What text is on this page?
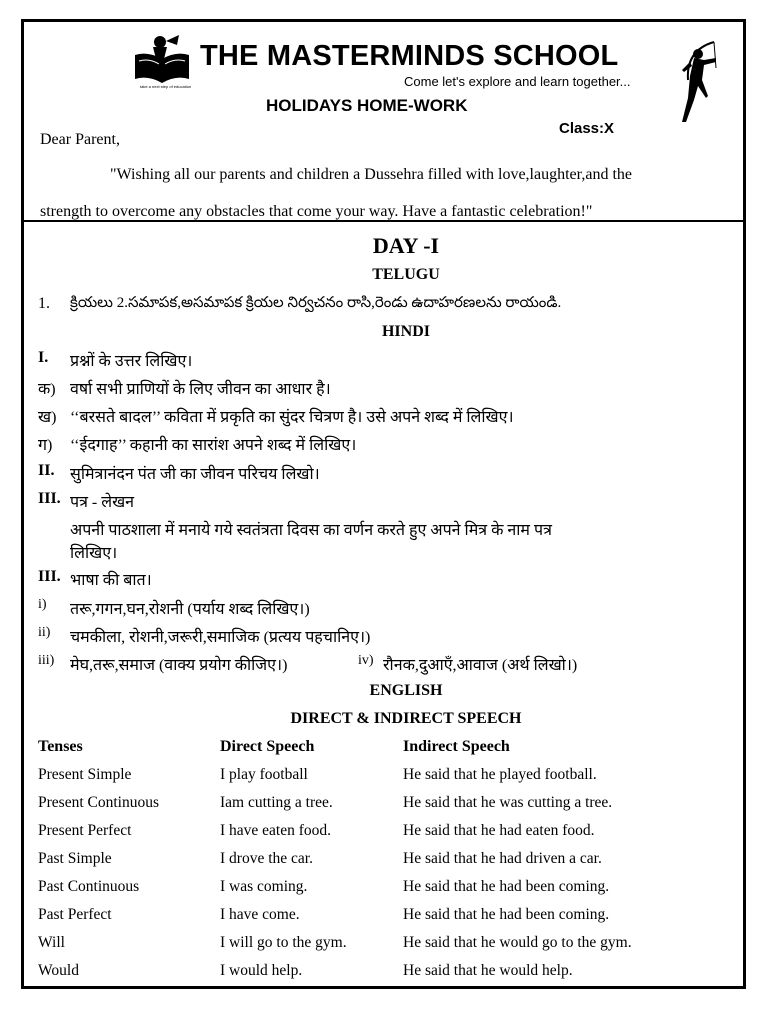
take a next step of education
THE MASTERMINDS SCHOOL
Come let's explore and learn together...
HOLIDAYS HOME-WORK
Class:X
Dear Parent,
"Wishing all our parents and children a Dussehra filled with love,laughter,and the
strength to overcome any obstacles that come your way. Have a fantastic celebration!"
DAY -I
TELUGU
1. క్రియలు 2.సమాపక,అసమాపక క్రియల నిర్వచనం రాసి,రెండు ఉదాహరణలను రాయండి.
HINDI
I. प्रश्नों के उत्तर लिखिए।
क) वर्षा सभी प्राणियों के लिए जीवन का आधार है।
ख) ‘‘बरसते बादल’’ कविता में प्रकृति का सुंदर चित्रण है। उसे अपने शब्द में लिखिए।
ग) ‘‘ईदगाह’’ कहानी का सारांश अपने शब्द में लिखिए।
II. सुमित्रानंदन पंत जी का जीवन परिचय लिखो।
III. पत्र - लेखन
अपनी पाठशाला में मनाये गये स्वतंत्रता दिवस का वर्णन करते हुए अपने मित्र के नाम पत्र
लिखिए।
III. भाषा की बात।
i) तरू,गगन,घन,रोशनी (पर्याय शब्द लिखिए।)
ii) चमकीला, रोशनी,जरूरी,समाजिक (प्रत्यय पहचानिए।)
iii) मेघ,तरू,समाज (वाक्य प्रयोग कीजिए।)	iv) रौनक,दुआएँ,आवाज (अर्थ लिखो।)
ENGLISH
DIRECT & INDIRECT SPEECH
Tenses	Direct Speech	Indirect Speech
Present Simple	I play football	He said that he played football.
Present Continuous	Iam cutting a tree.	He said that he was cutting a tree.
Present Perfect	I have eaten food.	He said that he had eaten food.
Past Simple	I drove the car.	He said that he had driven a car.
Past Continuous	I was coming.	He said that he had been coming.
Past Perfect	I have come.	He said that he had been coming.
Will	I will go to the gym.	He said that he would go to the gym.
Would	I would help.	He said that he would help.
